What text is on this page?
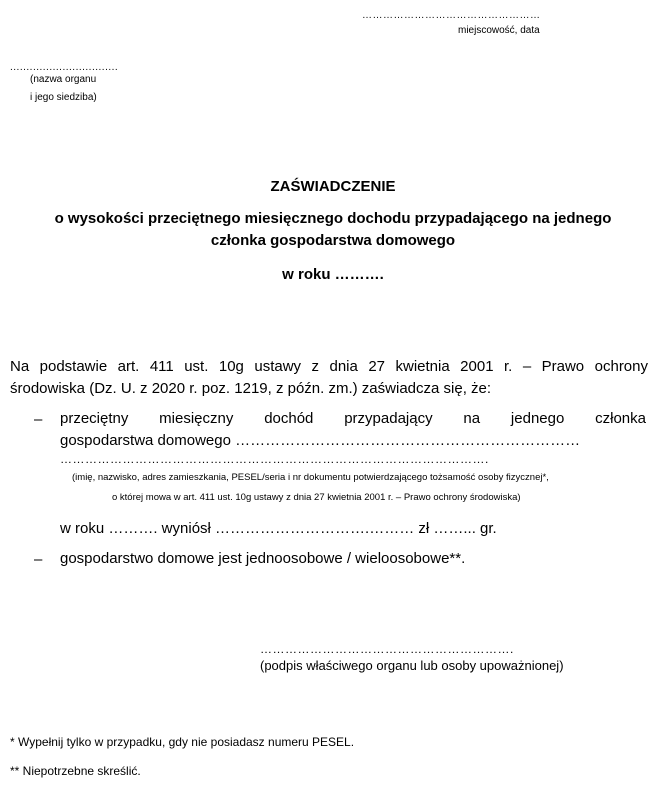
……………………………………………
miejscowość, data
.................................
(nazwa organu
i jego siedziba)
ZAŚWIADCZENIE
o wysokości przeciętnego miesięcznego dochodu przypadającego na jednego
członka gospodarstwa domowego
w roku ……….
Na podstawie art. 411 ust. 10g ustawy z dnia 27 kwietnia 2001 r. – Prawo ochrony
środowiska (Dz. U. z 2020 r. poz. 1219, z późn. zm.) zaświadcza się, że:
– przeciętny miesięczny dochód przypadający na jednego członka
gospodarstwa domowego ……………………………………………………………
………………………………………………………………………………………….
(imię, nazwisko, adres zamieszkania, PESEL/seria i nr dokumentu potwierdzającego tożsamość osoby fizycznej*,
o której mowa w art. 411 ust. 10g ustawy z dnia 27 kwietnia 2001 r. – Prawo ochrony środowiska)
w roku ………. wyniósł ………………………….……… zł ……... gr.
– gospodarstwo domowe jest jednoosobowe / wieloosobowe**.
…………………………………………………….
(podpis właściwego organu lub osoby upoważnionej)
* Wypełnij tylko w przypadku, gdy nie posiadasz numeru PESEL.
** Niepotrzebne skreślić.
